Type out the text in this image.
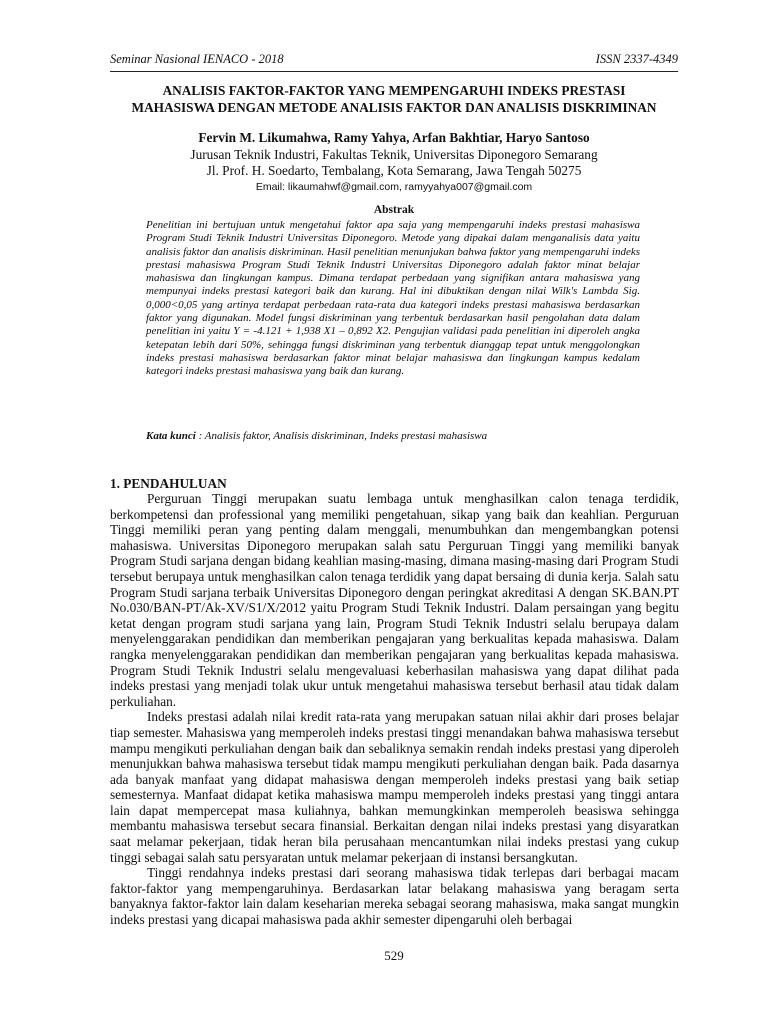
Seminar Nasional IENACO - 2018	ISSN 2337-4349
ANALISIS FAKTOR-FAKTOR YANG MEMPENGARUHI INDEKS PRESTASI
MAHASISWA DENGAN METODE ANALISIS FAKTOR DAN ANALISIS DISKRIMINAN

Fervin M. Likumahwa, Ramy Yahya, Arfan Bakhtiar, Haryo Santoso

Jurusan Teknik Industri, Fakultas Teknik, Universitas Diponegoro Semarang

Jl. Prof. H. Soedarto, Tembalang, Kota Semarang, Jawa Tengah 50275

Email: likaumahwf@gmail.com, ramyyahya007@gmail.com

Abstrak

Penelitian ini bertujuan untuk mengetahui faktor apa saja yang mempengaruhi indeks prestasi mahasiswa Program Studi Teknik Industri Universitas Diponegoro. Metode yang dipakai dalam menganalisis data yaitu analisis faktor dan analisis diskriminan. Hasil penelitian menunjukan bahwa faktor yang mempengaruhi indeks prestasi mahasiswa Program Studi Teknik Industri Universitas Diponegoro adalah faktor minat belajar mahasiswa dan lingkungan kampus. Dimana terdapat perbedaan yang signifikan antara mahasiswa yang mempunyai indeks prestasi kategori baik dan kurang. Hal ini dibuktikan dengan nilai Wilk's Lambda Sig. 0,000<0,05 yang artinya terdapat perbedaan rata-rata dua kategori indeks prestasi mahasiswa berdasarkan faktor yang digunakan. Model fungsi diskriminan yang terbentuk berdasarkan hasil pengolahan data dalam penelitian ini yaitu Y = -4.121 + 1,938 X1 – 0,892 X2. Pengujian validasi pada penelitian ini diperoleh angka ketepatan lebih dari 50%, sehingga fungsi diskriminan yang terbentuk dianggap tepat untuk menggolongkan indeks prestasi mahasiswa berdasarkan faktor minat belajar mahasiswa dan lingkungan kampus kedalam kategori indeks prestasi mahasiswa yang baik dan kurang.

Kata kunci : Analisis faktor, Analisis diskriminan, Indeks prestasi mahasiswa

1. PENDAHULUAN

Perguruan Tinggi merupakan suatu lembaga untuk menghasilkan calon tenaga terdidik, berkompetensi dan professional yang memiliki pengetahuan, sikap yang baik dan keahlian. Perguruan Tinggi memiliki peran yang penting dalam menggali, menumbuhkan dan mengembangkan potensi mahasiswa. Universitas Diponegoro merupakan salah satu Perguruan Tinggi yang memiliki banyak Program Studi sarjana dengan bidang keahlian masing-masing, dimana masing-masing dari Program Studi tersebut berupaya untuk menghasilkan calon tenaga terdidik yang dapat bersaing di dunia kerja. Salah satu Program Studi sarjana terbaik Universitas Diponegoro dengan peringkat akreditasi A dengan SK.BAN.PT No.030/BAN-PT/Ak-XV/S1/X/2012 yaitu Program Studi Teknik Industri. Dalam persaingan yang begitu ketat dengan program studi sarjana yang lain, Program Studi Teknik Industri selalu berupaya dalam menyelenggarakan pendidikan dan memberikan pengajaran yang berkualitas kepada mahasiswa. Dalam rangka menyelenggarakan pendidikan dan memberikan pengajaran yang berkualitas kepada mahasiswa. Program Studi Teknik Industri selalu mengevaluasi keberhasilan mahasiswa yang dapat dilihat pada indeks prestasi yang menjadi tolak ukur untuk mengetahui mahasiswa tersebut berhasil atau tidak dalam perkuliahan.

Indeks prestasi adalah nilai kredit rata-rata yang merupakan satuan nilai akhir dari proses belajar tiap semester. Mahasiswa yang memperoleh indeks prestasi tinggi menandakan bahwa mahasiswa tersebut mampu mengikuti perkuliahan dengan baik dan sebaliknya semakin rendah indeks prestasi yang diperoleh menunjukkan bahwa mahasiswa tersebut tidak mampu mengikuti perkuliahan dengan baik. Pada dasarnya ada banyak manfaat yang didapat mahasiswa dengan memperoleh indeks prestasi yang baik setiap semesternya. Manfaat didapat ketika mahasiswa mampu memperoleh indeks prestasi yang tinggi antara lain dapat mempercepat masa kuliahnya, bahkan memungkinkan memperoleh beasiswa sehingga membantu mahasiswa tersebut secara finansial. Berkaitan dengan nilai indeks prestasi yang disyaratkan saat melamar pekerjaan, tidak heran bila perusahaan mencantumkan nilai indeks prestasi yang cukup tinggi sebagai salah satu persyaratan untuk melamar pekerjaan di instansi bersangkutan.

Tinggi rendahnya indeks prestasi dari seorang mahasiswa tidak terlepas dari berbagai macam faktor-faktor yang mempengaruhinya. Berdasarkan latar belakang mahasiswa yang beragam serta banyaknya faktor-faktor lain dalam keseharian mereka sebagai seorang mahasiswa, maka sangat mungkin indeks prestasi yang dicapai mahasiswa pada akhir semester dipengaruhi oleh berbagai

529
